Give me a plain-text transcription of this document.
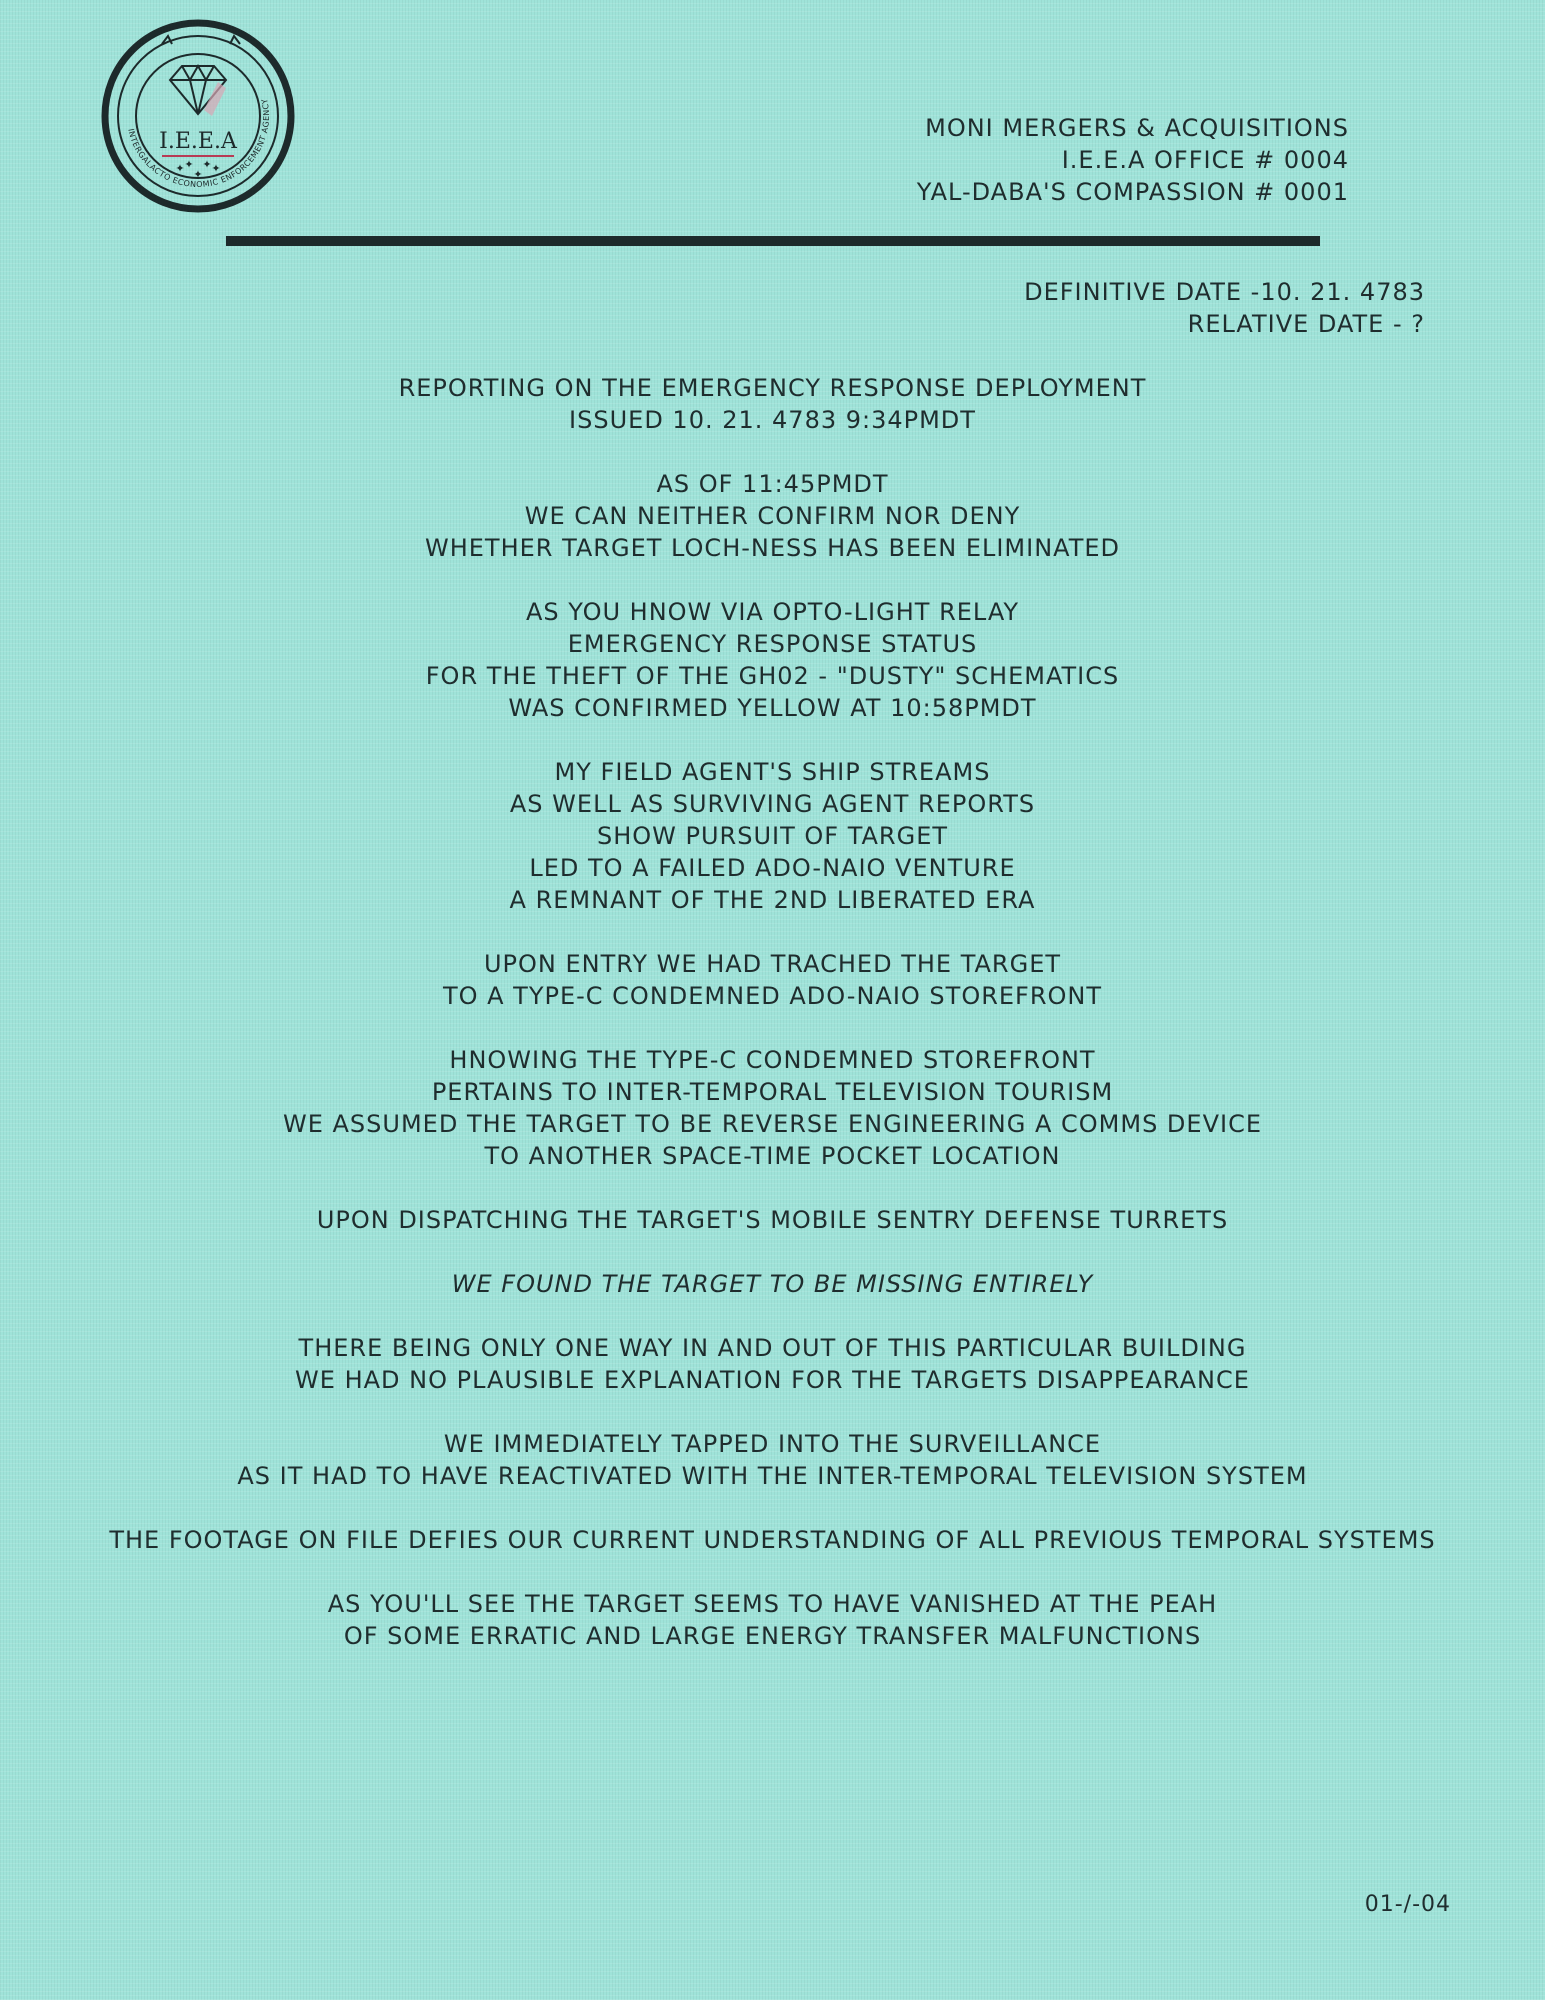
INTERGALACTO ECONOMIC ENFORCEMENT AGENCY
I.E.E.A
✦ ✦ ✦
✦ ✦
MONI MERGERS & ACQUISITIONS
I.E.E.A OFFICE # 0004
YAL-DABA'S COMPASSION # 0001
DEFINITIVE DATE -10. 21. 4783
RELATIVE DATE - ?
REPORTING ON THE EMERGENCY RESPONSE DEPLOYMENT
ISSUED 10. 21. 4783 9:34PMDT
AS OF 11:45PMDT
WE CAN NEITHER CONFIRM NOR DENY
WHETHER TARGET LOCH-NESS HAS BEEN ELIMINATED
AS YOU HNOW VIA OPTO-LIGHT RELAY
EMERGENCY RESPONSE STATUS
FOR THE THEFT OF THE GH02 - "DUSTY" SCHEMATICS
WAS CONFIRMED YELLOW AT 10:58PMDT
MY FIELD AGENT'S SHIP STREAMS
AS WELL AS SURVIVING AGENT REPORTS
SHOW PURSUIT OF TARGET
LED TO A FAILED ADO-NAIO VENTURE
A REMNANT OF THE 2ND LIBERATED ERA
UPON ENTRY WE HAD TRACHED THE TARGET
TO A TYPE-C CONDEMNED ADO-NAIO STOREFRONT
HNOWING THE TYPE-C CONDEMNED STOREFRONT
PERTAINS TO INTER-TEMPORAL TELEVISION TOURISM
WE ASSUMED THE TARGET TO BE REVERSE ENGINEERING A COMMS DEVICE
TO ANOTHER SPACE-TIME POCKET LOCATION
UPON DISPATCHING THE TARGET'S MOBILE SENTRY DEFENSE TURRETS
WE FOUND THE TARGET TO BE MISSING ENTIRELY
THERE BEING ONLY ONE WAY IN AND OUT OF THIS PARTICULAR BUILDING
WE HAD NO PLAUSIBLE EXPLANATION FOR THE TARGETS DISAPPEARANCE
WE IMMEDIATELY TAPPED INTO THE SURVEILLANCE
AS IT HAD TO HAVE REACTIVATED WITH THE INTER-TEMPORAL TELEVISION SYSTEM
THE FOOTAGE ON FILE DEFIES OUR CURRENT UNDERSTANDING OF ALL PREVIOUS TEMPORAL SYSTEMS
AS YOU'LL SEE THE TARGET SEEMS TO HAVE VANISHED AT THE PEAH
OF SOME ERRATIC AND LARGE ENERGY TRANSFER MALFUNCTIONS
01-/-04
